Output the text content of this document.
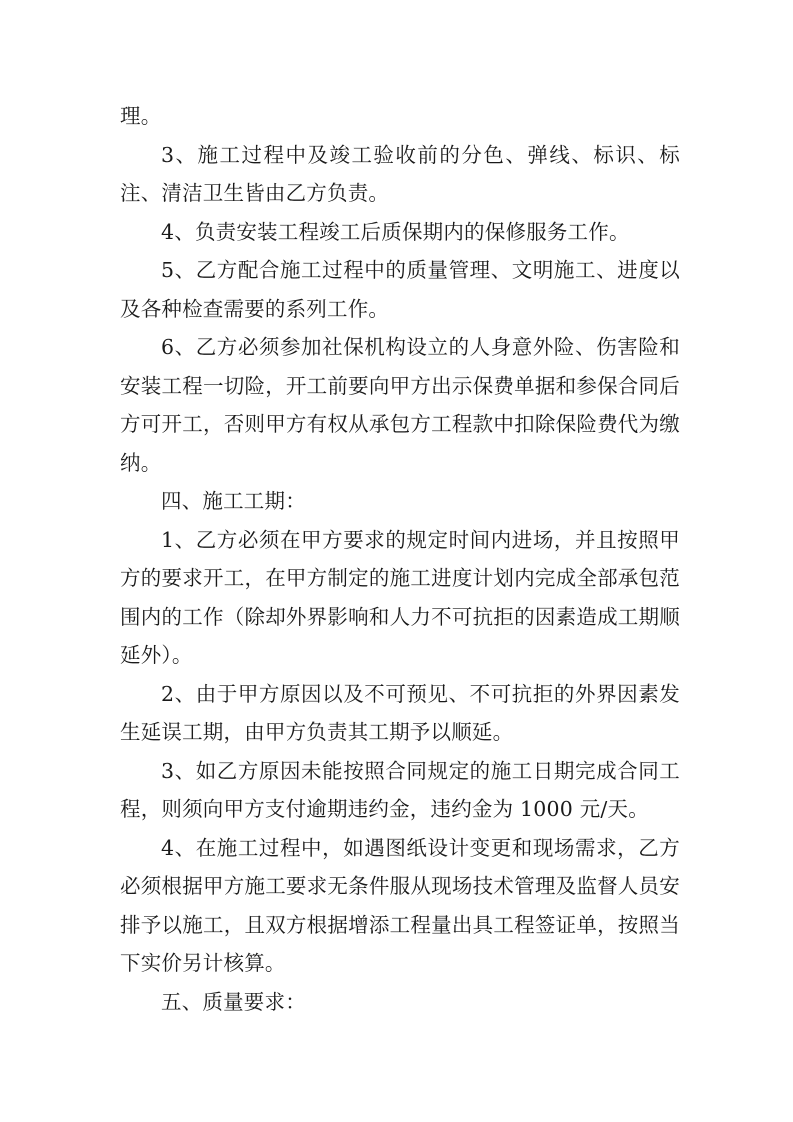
理。

3、施工过程中及竣工验收前的分色、弹线、标识、标注、清洁卫生皆由乙方负责。

4、负责安装工程竣工后质保期内的保修服务工作。

5、乙方配合施工过程中的质量管理、文明施工、进度以及各种检查需要的系列工作。

6、乙方必须参加社保机构设立的人身意外险、伤害险和安装工程一切险，开工前要向甲方出示保费单据和参保合同后方可开工，否则甲方有权从承包方工程款中扣除保险费代为缴纳。

四、施工工期：

1、乙方必须在甲方要求的规定时间内进场，并且按照甲方的要求开工，在甲方制定的施工进度计划内完成全部承包范围内的工作（除却外界影响和人力不可抗拒的因素造成工期顺延外）。

2、由于甲方原因以及不可预见、不可抗拒的外界因素发生延误工期，由甲方负责其工期予以顺延。

3、如乙方原因未能按照合同规定的施工日期完成合同工程，则须向甲方支付逾期违约金，违约金为 1000 元/天。

4、在施工过程中，如遇图纸设计变更和现场需求，乙方必须根据甲方施工要求无条件服从现场技术管理及监督人员安排予以施工，且双方根据增添工程量出具工程签证单，按照当下实价另计核算。

五、质量要求：
